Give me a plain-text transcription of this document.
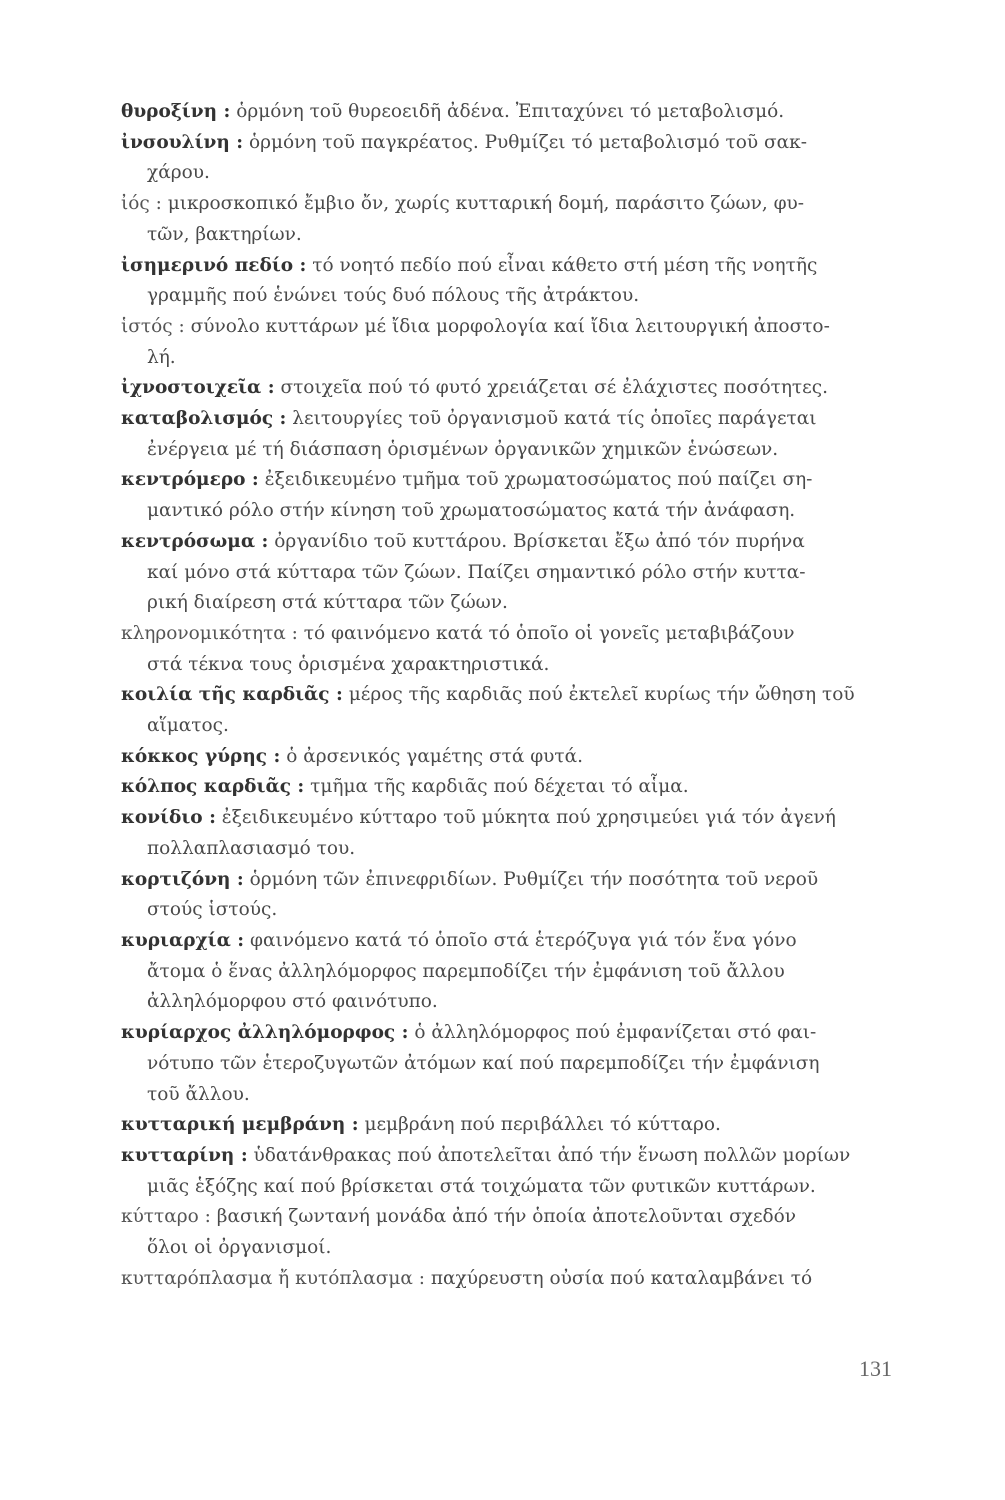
θυροξίνη : ὁρμόνη τοῦ θυρεοειδῆ ἀδένα. Ἐπιταχύνει τό μεταβολισμό.
ἰνσουλίνη : ὁρμόνη τοῦ παγκρέατος. Ρυθμίζει τό μεταβολισμό τοῦ σακ-
χάρου.
ἰός : μικροσκοπικό ἔμβιο ὄν, χωρίς κυτταρική δομή, παράσιτο ζώων, φυ-
τῶν, βακτηρίων.
ἰσημερινό πεδίο : τό νοητό πεδίο πού εἶναι κάθετο στή μέση τῆς νοητῆς
γραμμῆς πού ἑνώνει τούς δυό πόλους τῆς ἀτράκτου.
ἱστός : σύνολο κυττάρων μέ ἴδια μορφολογία καί ἴδια λειτουργική ἀποστο-
λή.
ἰχνοστοιχεῖα : στοιχεῖα πού τό φυτό χρειάζεται σέ ἐλάχιστες ποσότητες.
καταβολισμός : λειτουργίες τοῦ ὀργανισμοῦ κατά τίς ὁποῖες παράγεται
ἐνέργεια μέ τή διάσπαση ὁρισμένων ὀργανικῶν χημικῶν ἑνώσεων.
κεντρόμερο : ἐξειδικευμένο τμῆμα τοῦ χρωματοσώματος πού παίζει ση-
μαντικό ρόλο στήν κίνηση τοῦ χρωματοσώματος κατά τήν ἀνάφαση.
κεντρόσωμα : ὀργανίδιο τοῦ κυττάρου. Βρίσκεται ἔξω ἀπό τόν πυρήνα
καί μόνο στά κύτταρα τῶν ζώων. Παίζει σημαντικό ρόλο στήν κυττα-
ρική διαίρεση στά κύτταρα τῶν ζώων.
κληρονομικότητα : τό φαινόμενο κατά τό ὁποῖο οἱ γονεῖς μεταβιβάζουν
στά τέκνα τους ὁρισμένα χαρακτηριστικά.
κοιλία τῆς καρδιᾶς : μέρος τῆς καρδιᾶς πού ἐκτελεῖ κυρίως τήν ὤθηση τοῦ
αἵματος.
κόκκος γύρης : ὁ ἀρσενικός γαμέτης στά φυτά.
κόλπος καρδιᾶς : τμῆμα τῆς καρδιᾶς πού δέχεται τό αἷμα.
κονίδιο : ἐξειδικευμένο κύτταρο τοῦ μύκητα πού χρησιμεύει γιά τόν ἀγενή
πολλαπλασιασμό του.
κορτιζόνη : ὁρμόνη τῶν ἐπινεφριδίων. Ρυθμίζει τήν ποσότητα τοῦ νεροῦ
στούς ἱστούς.
κυριαρχία : φαινόμενο κατά τό ὁποῖο στά ἑτερόζυγα γιά τόν ἕνα γόνο
ἄτομα ὁ ἕνας ἀλληλόμορφος παρεμποδίζει τήν ἐμφάνιση τοῦ ἄλλου
ἀλληλόμορφου στό φαινότυπο.
κυρίαρχος ἀλληλόμορφος : ὁ ἀλληλόμορφος πού ἐμφανίζεται στό φαι-
νότυπο τῶν ἑτεροζυγωτῶν ἀτόμων καί πού παρεμποδίζει τήν ἐμφάνιση
τοῦ ἄλλου.
κυτταρική μεμβράνη : μεμβράνη πού περιβάλλει τό κύτταρο.
κυτταρίνη : ὑδατάνθρακας πού ἀποτελεῖται ἀπό τήν ἕνωση πολλῶν μορίων
μιᾶς ἑξόζης καί πού βρίσκεται στά τοιχώματα τῶν φυτικῶν κυττάρων.
κύτταρο : βασική ζωντανή μονάδα ἀπό τήν ὁποία ἀποτελοῦνται σχεδόν
ὅλοι οἱ ὀργανισμοί.
κυτταρόπλασμα ἤ κυτόπλασμα : παχύρευστη οὐσία πού καταλαμβάνει τό
131
